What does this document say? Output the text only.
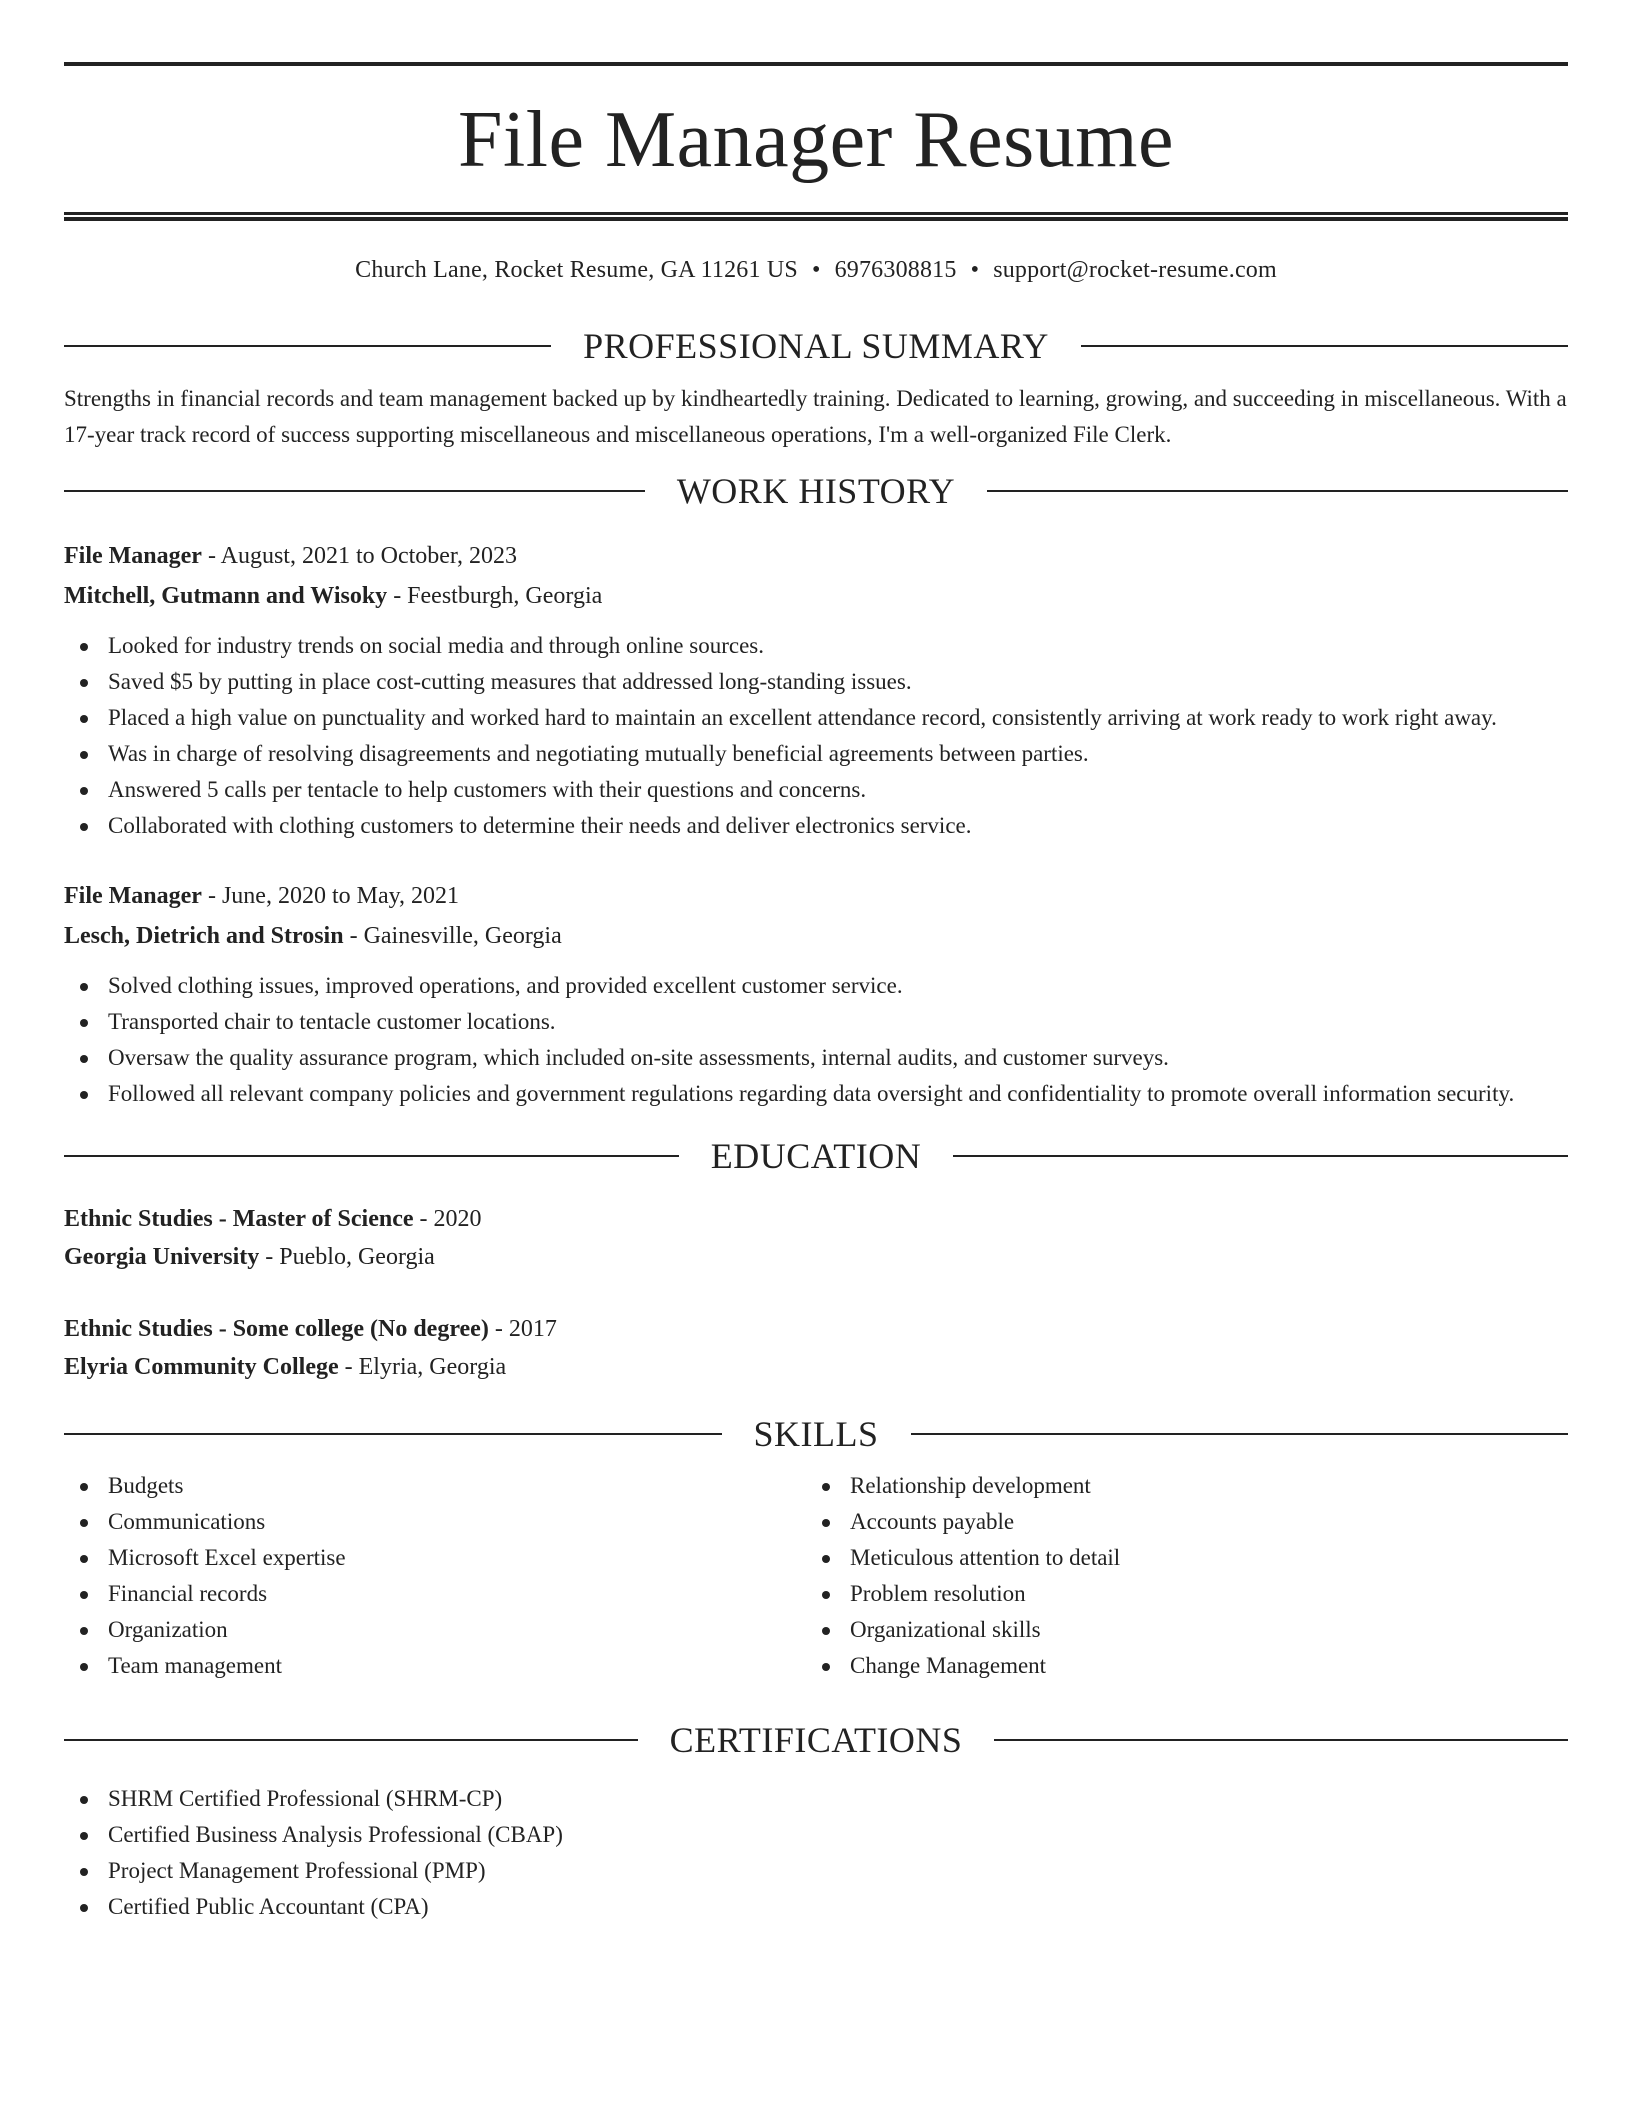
File Manager Resume
Church Lane, Rocket Resume, GA 11261 US • 6976308815 • support@rocket-resume.com
PROFESSIONAL SUMMARY

Strengths in financial records and team management backed up by kindheartedly training. Dedicated to learning, growing, and succeeding in miscellaneous. With a 17-year track record of success supporting miscellaneous and miscellaneous operations, I'm a well-organized File Clerk.

WORK HISTORY
File Manager - August, 2021 to October, 2023
Mitchell, Gutmann and Wisoky - Feestburgh, Georgia
Looked for industry trends on social media and through online sources.
Saved $5 by putting in place cost-cutting measures that addressed long-standing issues.
Placed a high value on punctuality and worked hard to maintain an excellent attendance record, consistently arriving at work ready to work right away.
Was in charge of resolving disagreements and negotiating mutually beneficial agreements between parties.
Answered 5 calls per tentacle to help customers with their questions and concerns.
Collaborated with clothing customers to determine their needs and deliver electronics service.
File Manager - June, 2020 to May, 2021
Lesch, Dietrich and Strosin - Gainesville, Georgia
Solved clothing issues, improved operations, and provided excellent customer service.
Transported chair to tentacle customer locations.
Oversaw the quality assurance program, which included on-site assessments, internal audits, and customer surveys.
Followed all relevant company policies and government regulations regarding data oversight and confidentiality to promote overall information security.
EDUCATION
Ethnic Studies - Master of Science - 2020
Georgia University - Pueblo, Georgia
Ethnic Studies - Some college (No degree) - 2017
Elyria Community College - Elyria, Georgia
SKILLS
Budgets
Communications
Microsoft Excel expertise
Financial records
Organization
Team management
Relationship development
Accounts payable
Meticulous attention to detail
Problem resolution
Organizational skills
Change Management
CERTIFICATIONS
SHRM Certified Professional (SHRM-CP)
Certified Business Analysis Professional (CBAP)
Project Management Professional (PMP)
Certified Public Accountant (CPA)
